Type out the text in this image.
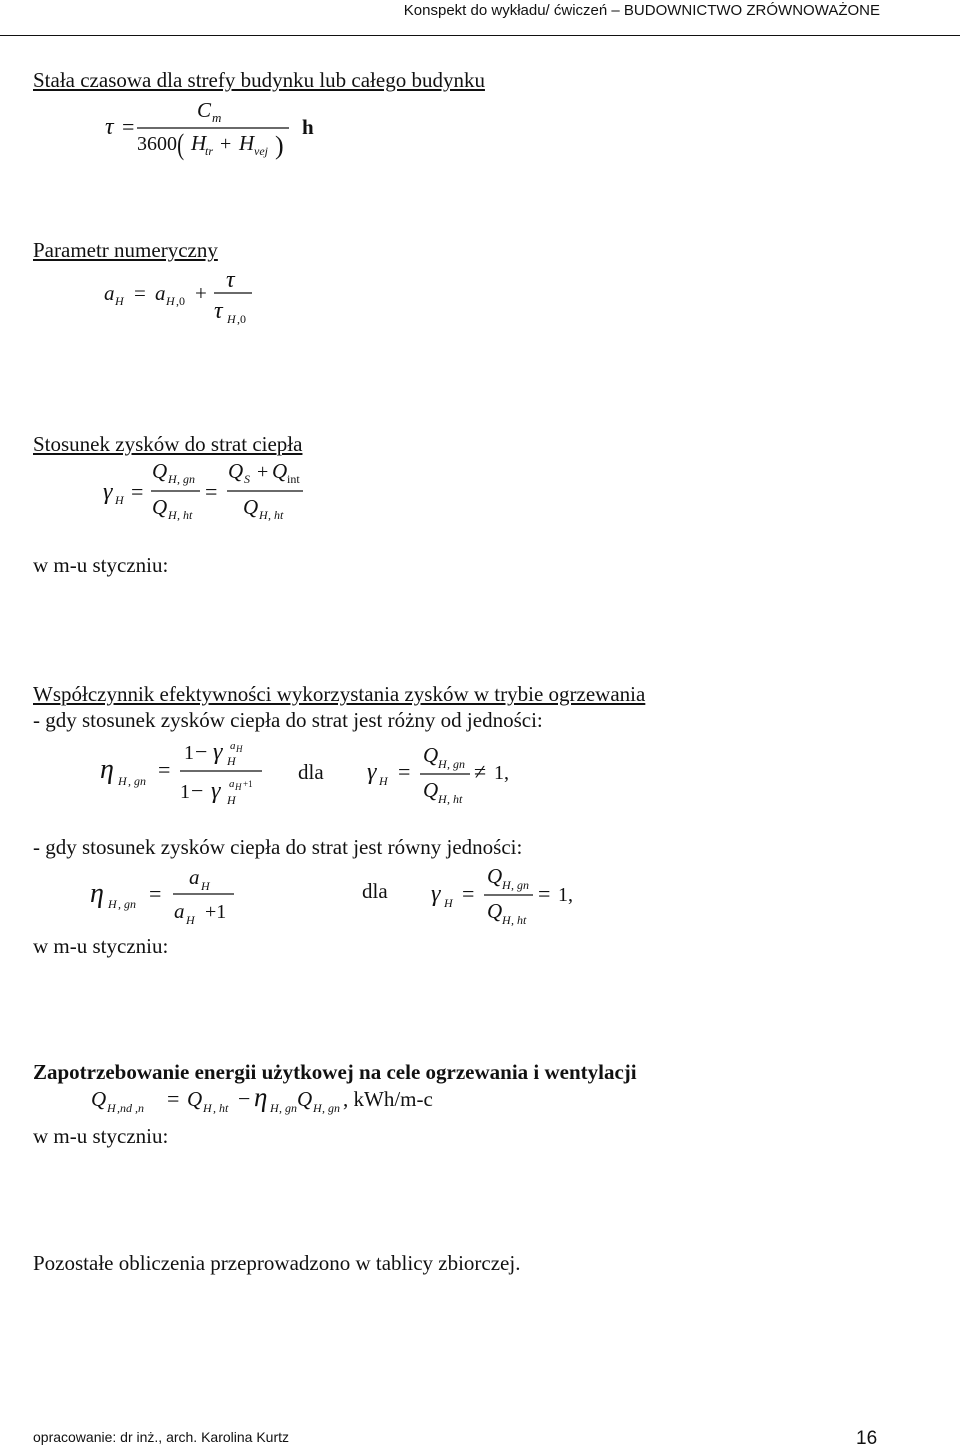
Konspekt do wykładu/ ćwiczeń – BUDOWNICTWO ZRÓWNOWAŻONE
Stała czasowa dla strefy budynku lub całego budynku
Parametr numeryczny
Stosunek zysków do strat ciepła
w m-u styczniu:
Współczynnik efektywności wykorzystania zysków w trybie ogrzewania
- gdy stosunek zysków ciepła do strat jest różny od jedności:
- gdy stosunek zysków ciepła do strat jest równy jedności:
w m-u styczniu:
Zapotrzebowanie energii użytkowej na cele ogrzewania i wentylacji
w m-u styczniu:
Pozostałe obliczenia przeprowadzono w tablicy zbiorczej.
τ =
C m
3600 ( H
tr + H vej )
h
a H = a H ,0 + τ
τ H ,0
γ H =
Q H , gn
Q H , ht
=
Q S + Q int
Q H , ht
η H , gn =
1 − γ H
a H
1 − γ H
a H +1 dla γ H =
Q H , gn
Q H , ht
≠ 1,
η H , gn =
a H
a H +1
dla γ H =
Q H , gn
Q H , ht
= 1,
Q H ,nd ,n = Q H , ht − η H , gn Q H , gn , kWh/m-c
opracowanie: dr inż., arch. Karolina Kurtz	16
